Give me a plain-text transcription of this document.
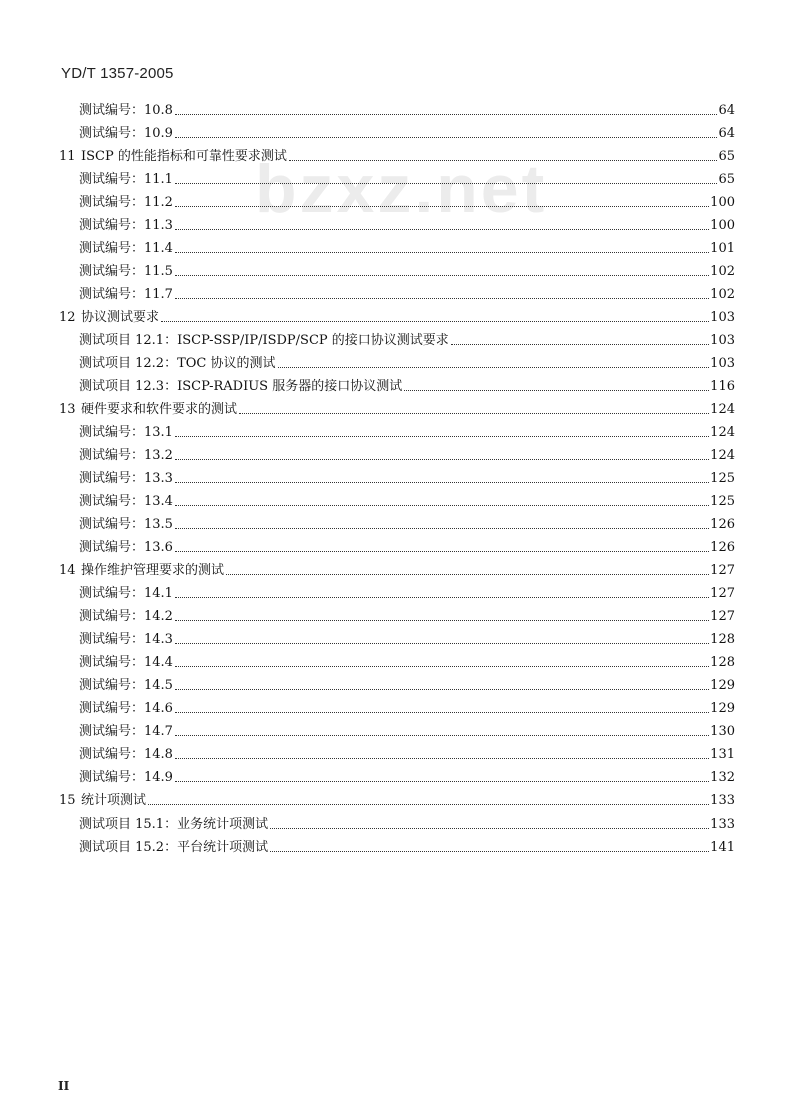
YD/T 1357-2005
bzxz.net
测试编号：10.8	64
测试编号：10.9	64
11 ISCP 的性能指标和可靠性要求测试	65
测试编号：11.1	65
测试编号：11.2	100
测试编号：11.3	100
测试编号：11.4	101
测试编号：11.5	102
测试编号：11.7	102
12 协议测试要求	103
测试项目 12.1：ISCP-SSP/IP/ISDP/SCP 的接口协议测试要求	103
测试项目 12.2：TOC 协议的测试	103
测试项目 12.3：ISCP-RADIUS 服务器的接口协议测试	116
13 硬件要求和软件要求的测试	124
测试编号：13.1	124
测试编号：13.2	124
测试编号：13.3	125
测试编号：13.4	125
测试编号：13.5	126
测试编号：13.6	126
14 操作维护管理要求的测试	127
测试编号：14.1	127
测试编号：14.2	127
测试编号：14.3	128
测试编号：14.4	128
测试编号：14.5	129
测试编号：14.6	129
测试编号：14.7	130
测试编号：14.8	131
测试编号：14.9	132
15 统计项测试	133
测试项目 15.1：业务统计项测试	133
测试项目 15.2：平台统计项测试	141
II
